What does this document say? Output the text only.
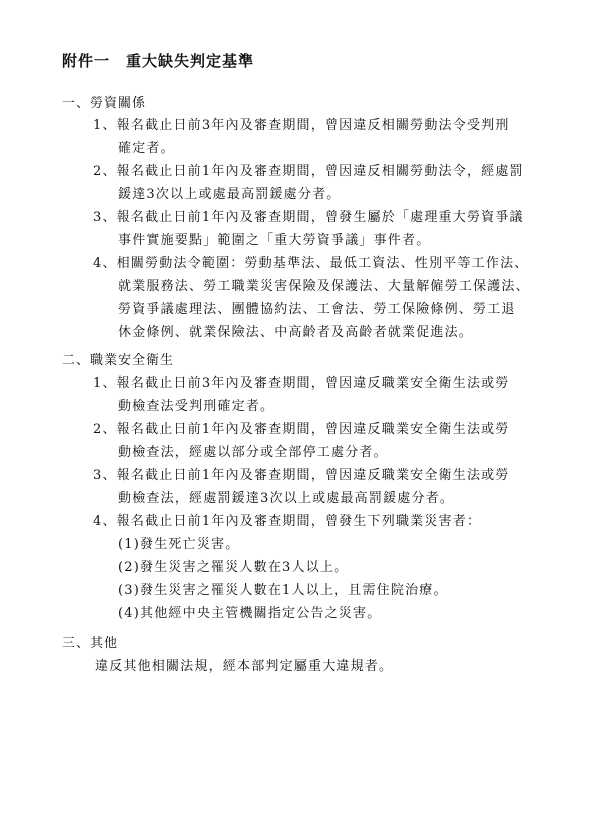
附件一　重大缺失判定基準
一、勞資關係
1、報名截止日前3年內及審查期間，曾因違反相關勞動法令受判刑
確定者。
2、報名截止日前1年內及審查期間，曾因違反相關勞動法令，經處罰
鍰達3次以上或處最高罰鍰處分者。
3、報名截止日前1年內及審查期間，曾發生屬於「處理重大勞資爭議
事件實施要點」範圍之「重大勞資爭議」事件者。
4、相關勞動法令範圍：勞動基準法、最低工資法、性別平等工作法、
就業服務法、勞工職業災害保險及保護法、大量解僱勞工保護法、
勞資爭議處理法、團體協約法、工會法、勞工保險條例、勞工退
休金條例、就業保險法、中高齡者及高齡者就業促進法。
二、職業安全衛生
1、報名截止日前3年內及審查期間，曾因違反職業安全衛生法或勞
動檢查法受判刑確定者。
2、報名截止日前1年內及審查期間，曾因違反職業安全衛生法或勞
動檢查法，經處以部分或全部停工處分者。
3、報名截止日前1年內及審查期間，曾因違反職業安全衛生法或勞
動檢查法，經處罰鍰達3次以上或處最高罰鍰處分者。
4、報名截止日前1年內及審查期間，曾發生下列職業災害者：
(1)發生死亡災害。
(2)發生災害之罹災人數在3人以上。
(3)發生災害之罹災人數在1人以上，且需住院治療。
(4)其他經中央主管機關指定公告之災害。
三、其他
違反其他相關法規，經本部判定屬重大違規者。
